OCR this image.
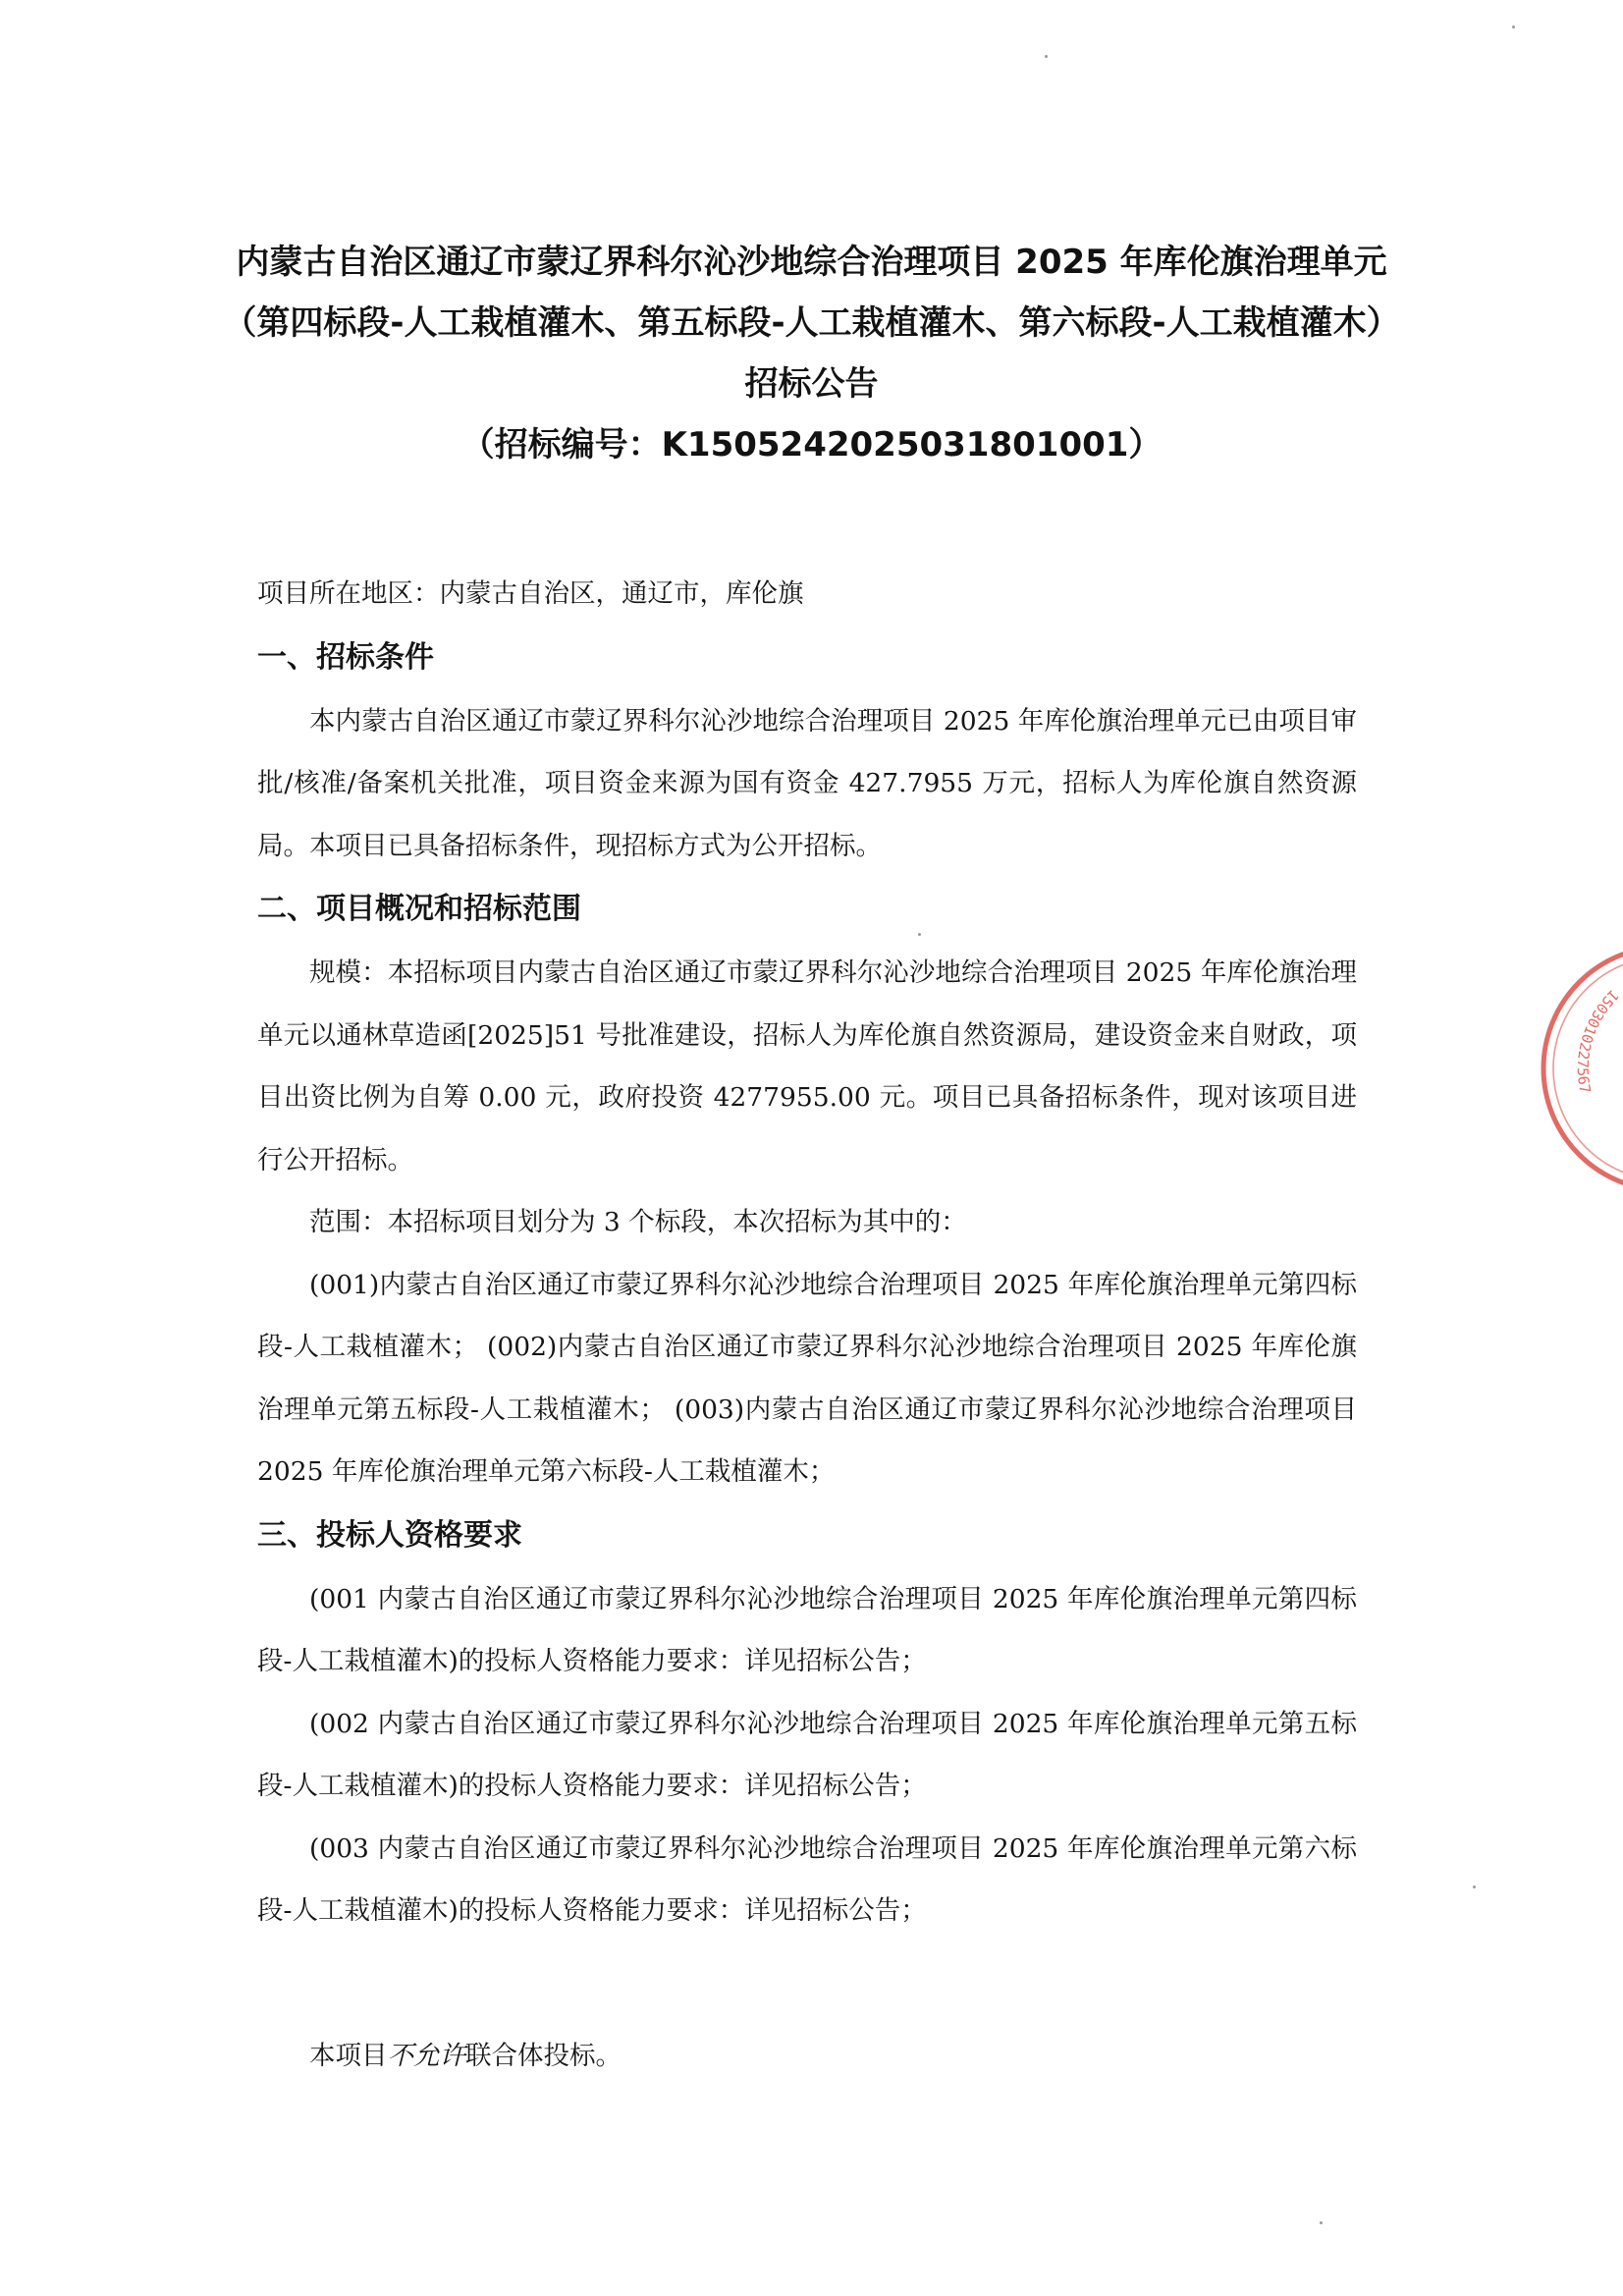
内蒙古自治区通辽市蒙辽界科尔沁沙地综合治理项目 2025 年库伦旗治理单元
（第四标段-人工栽植灌木、第五标段-人工栽植灌木、第六标段-人工栽植灌木）
招标公告
（招标编号：K1505242025031801001）

项目所在地区：内蒙古自治区，通辽市，库伦旗

一、招标条件

本内蒙古自治区通辽市蒙辽界科尔沁沙地综合治理项目 2025 年库伦旗治理单元已由项目审批/核准/备案机关批准，项目资金来源为国有资金 427.7955 万元，招标人为库伦旗自然资源局。本项目已具备招标条件，现招标方式为公开招标。

二、项目概况和招标范围

规模：本招标项目内蒙古自治区通辽市蒙辽界科尔沁沙地综合治理项目 2025 年库伦旗治理单元以通林草造函[2025]51 号批准建设，招标人为库伦旗自然资源局，建设资金来自财政，项目出资比例为自筹 0.00 元，政府投资 4277955.00 元。项目已具备招标条件，现对该项目进行公开招标。

范围：本招标项目划分为 3 个标段，本次招标为其中的：

(001)内蒙古自治区通辽市蒙辽界科尔沁沙地综合治理项目 2025 年库伦旗治理单元第四标段-人工栽植灌木； (002)内蒙古自治区通辽市蒙辽界科尔沁沙地综合治理项目 2025 年库伦旗治理单元第五标段-人工栽植灌木； (003)内蒙古自治区通辽市蒙辽界科尔沁沙地综合治理项目 2025 年库伦旗治理单元第六标段-人工栽植灌木；

三、投标人资格要求

(001 内蒙古自治区通辽市蒙辽界科尔沁沙地综合治理项目 2025 年库伦旗治理单元第四标段-人工栽植灌木)的投标人资格能力要求：详见招标公告；

(002 内蒙古自治区通辽市蒙辽界科尔沁沙地综合治理项目 2025 年库伦旗治理单元第五标段-人工栽植灌木)的投标人资格能力要求：详见招标公告；

(003 内蒙古自治区通辽市蒙辽界科尔沁沙地综合治理项目 2025 年库伦旗治理单元第六标段-人工栽植灌木)的投标人资格能力要求：详见招标公告；

本项目不允许联合体投标。

1503010227567
